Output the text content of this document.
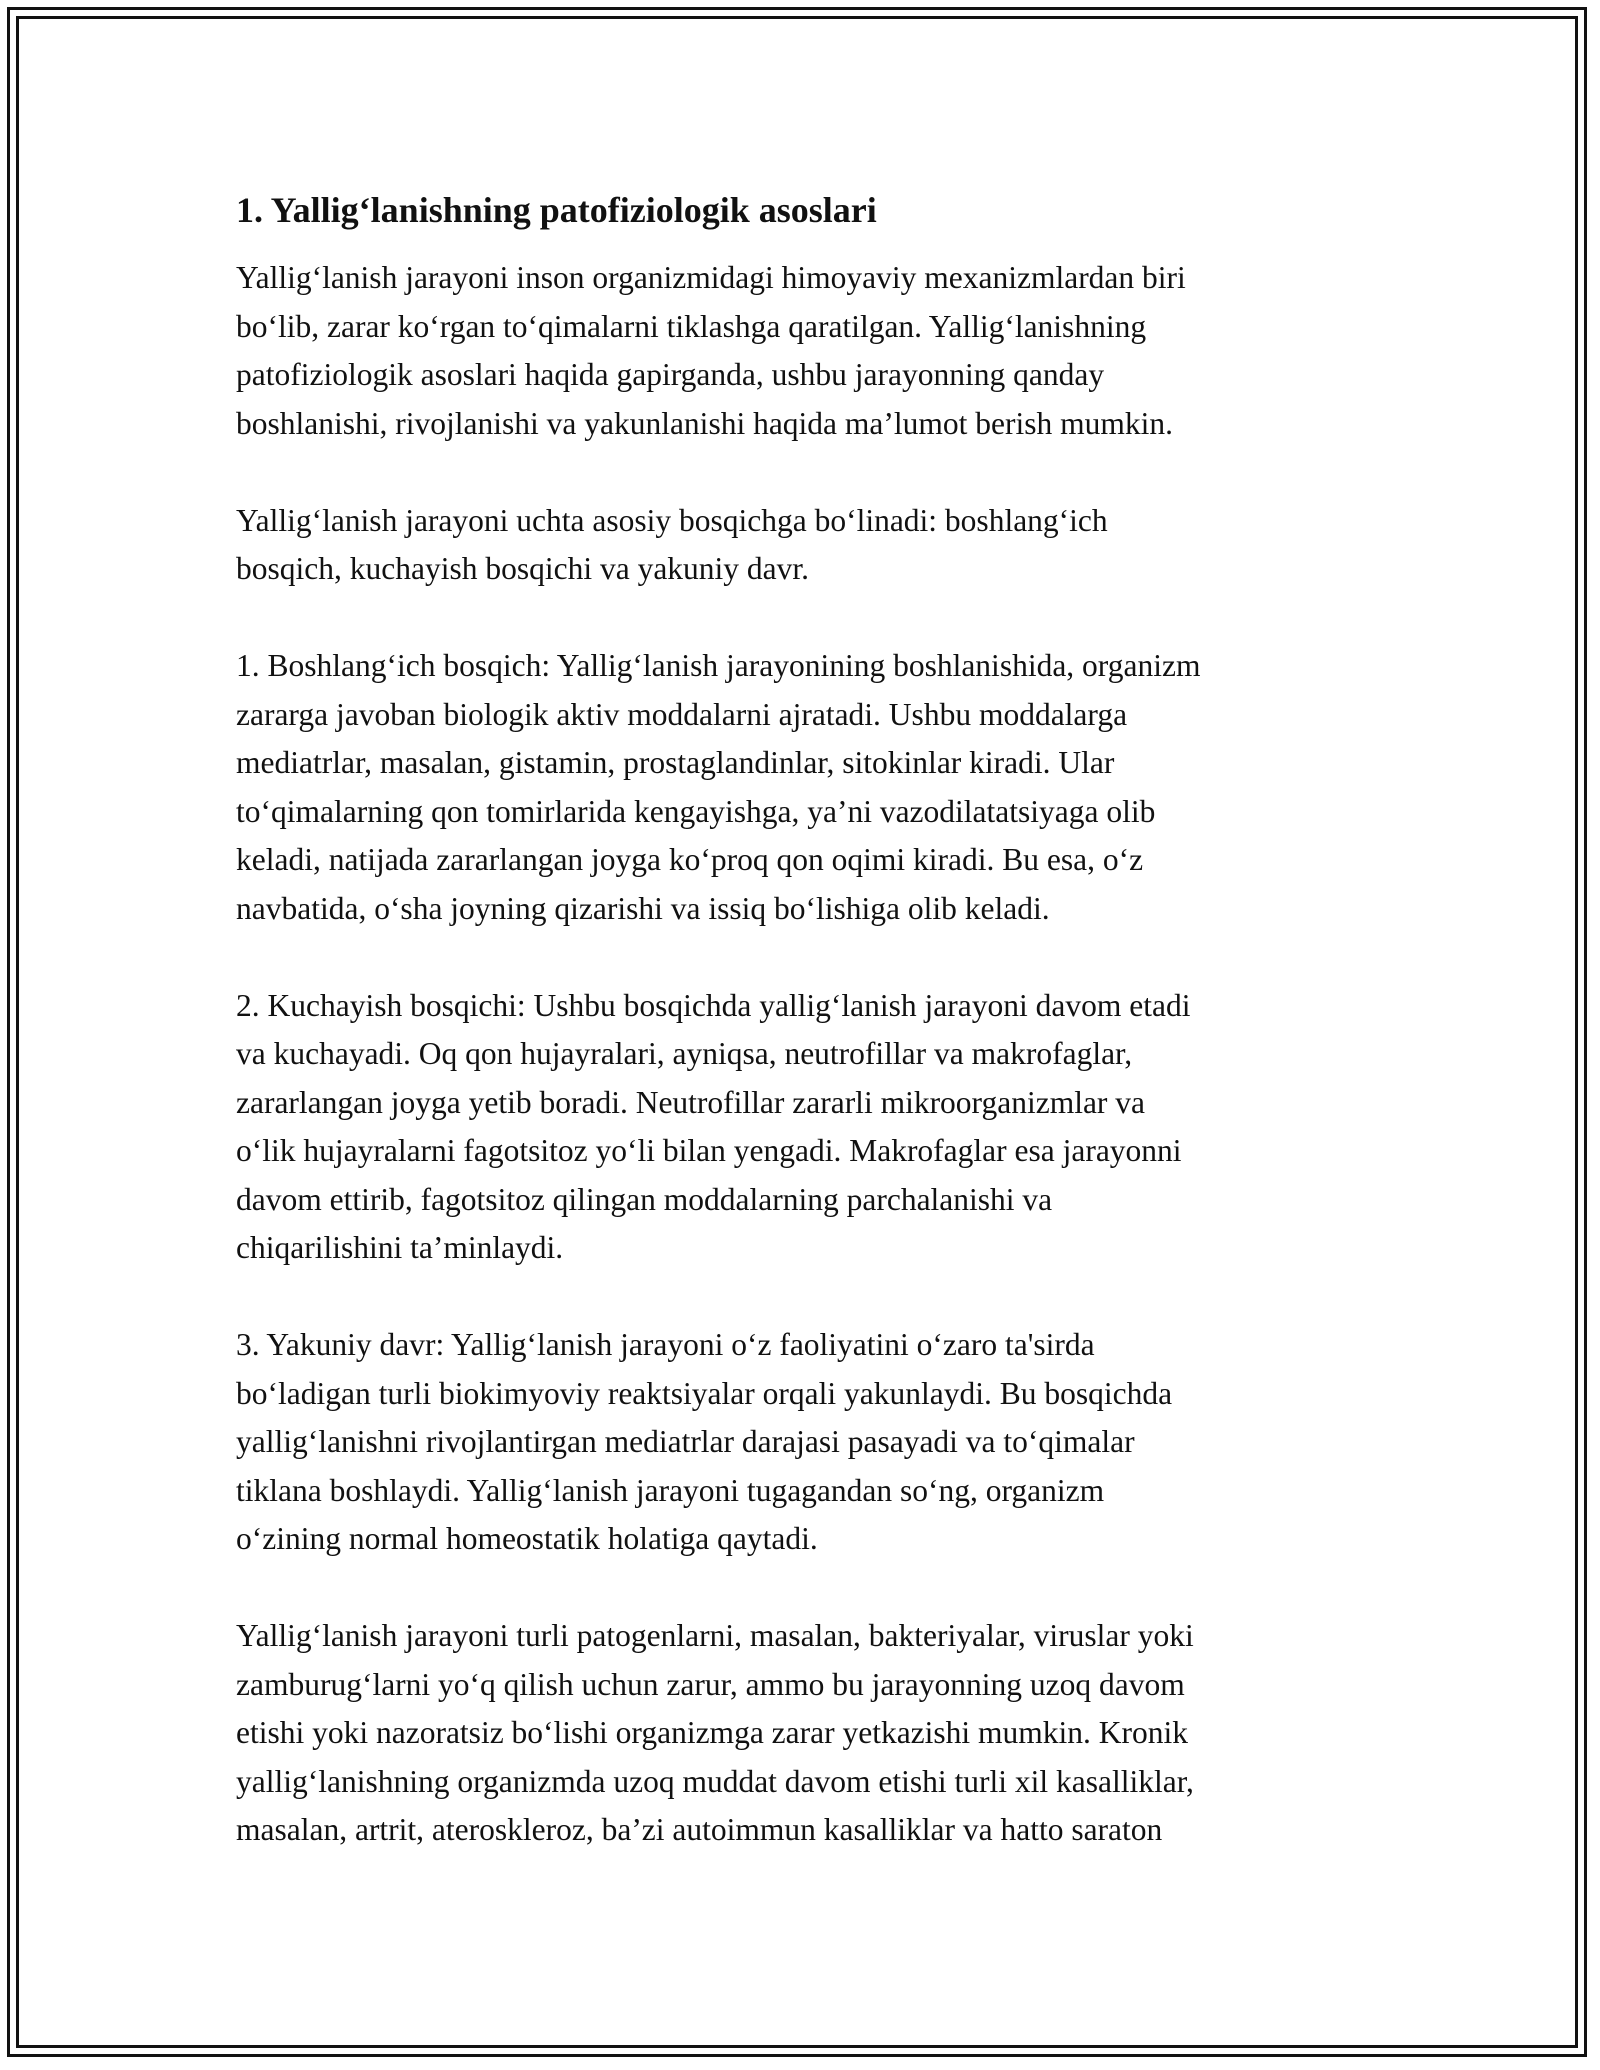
1. Yallig‘lanishning patofiziologik asoslari

Yallig‘lanish jarayoni inson organizmidagi himoyaviy mexanizmlardan biri
bo‘lib, zarar ko‘rgan to‘qimalarni tiklashga qaratilgan. Yallig‘lanishning
patofiziologik asoslari haqida gapirganda, ushbu jarayonning qanday
boshlanishi, rivojlanishi va yakunlanishi haqida ma’lumot berish mumkin.

Yallig‘lanish jarayoni uchta asosiy bosqichga bo‘linadi: boshlang‘ich
bosqich, kuchayish bosqichi va yakuniy davr.

1. Boshlang‘ich bosqich: Yallig‘lanish jarayonining boshlanishida, organizm
zararga javoban biologik aktiv moddalarni ajratadi. Ushbu moddalarga
mediatrlar, masalan, gistamin, prostaglandinlar, sitokinlar kiradi. Ular
to‘qimalarning qon tomirlarida kengayishga, ya’ni vazodilatatsiyaga olib
keladi, natijada zararlangan joyga ko‘proq qon oqimi kiradi. Bu esa, o‘z
navbatida, o‘sha joyning qizarishi va issiq bo‘lishiga olib keladi.

2. Kuchayish bosqichi: Ushbu bosqichda yallig‘lanish jarayoni davom etadi
va kuchayadi. Oq qon hujayralari, ayniqsa, neutrofillar va makrofaglar,
zararlangan joyga yetib boradi. Neutrofillar zararli mikroorganizmlar va
o‘lik hujayralarni fagotsitoz yo‘li bilan yengadi. Makrofaglar esa jarayonni
davom ettirib, fagotsitoz qilingan moddalarning parchalanishi va
chiqarilishini ta’minlaydi.

3. Yakuniy davr: Yallig‘lanish jarayoni o‘z faoliyatini o‘zaro ta'sirda
bo‘ladigan turli biokimyoviy reaktsiyalar orqali yakunlaydi. Bu bosqichda
yallig‘lanishni rivojlantirgan mediatrlar darajasi pasayadi va to‘qimalar
tiklana boshlaydi. Yallig‘lanish jarayoni tugagandan so‘ng, organizm
o‘zining normal homeostatik holatiga qaytadi.

Yallig‘lanish jarayoni turli patogenlarni, masalan, bakteriyalar, viruslar yoki
zamburug‘larni yo‘q qilish uchun zarur, ammo bu jarayonning uzoq davom
etishi yoki nazoratsiz bo‘lishi organizmga zarar yetkazishi mumkin. Kronik
yallig‘lanishning organizmda uzoq muddat davom etishi turli xil kasalliklar,
masalan, artrit, ateroskleroz, ba’zi autoimmun kasalliklar va hatto saraton
